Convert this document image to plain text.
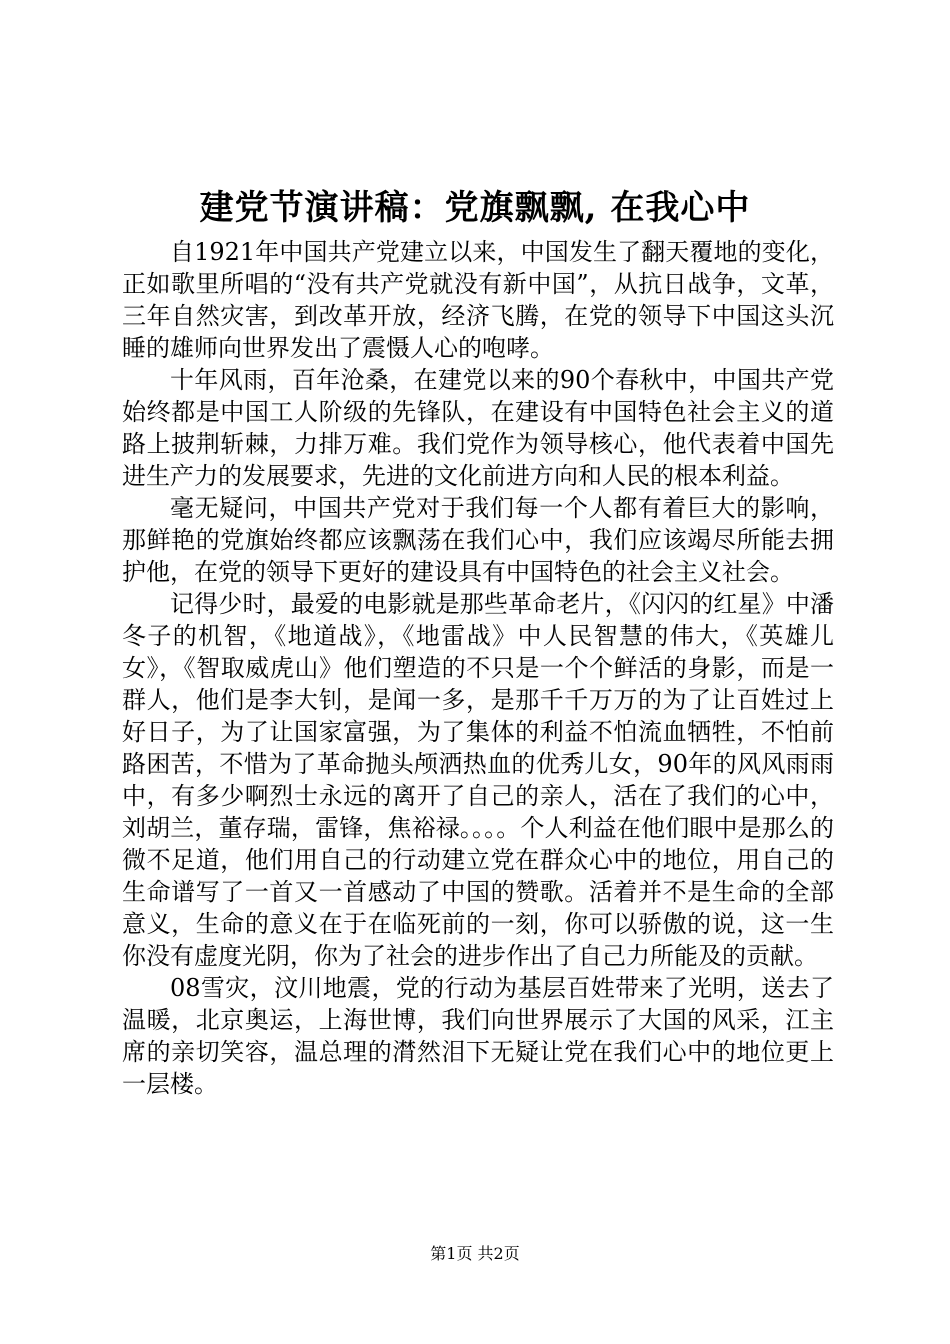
建党节演讲稿：党旗飘飘, 在我心中

自1921年中国共产党建立以来，中国发生了翻天覆地的变化，正如歌里所唱的“没有共产党就没有新中国”，从抗日战争，文革，三年自然灾害，到改革开放，经济飞腾，在党的领导下中国这头沉睡的雄师向世界发出了震慑人心的咆哮。

十年风雨，百年沧桑，在建党以来的90个春秋中，中国共产党始终都是中国工人阶级的先锋队，在建设有中国特色社会主义的道路上披荆斩棘，力排万难。我们党作为领导核心，他代表着中国先进生产力的发展要求，先进的文化前进方向和人民的根本利益。

毫无疑问，中国共产党对于我们每一个人都有着巨大的影响，那鲜艳的党旗始终都应该飘荡在我们心中，我们应该竭尽所能去拥护他，在党的领导下更好的建设具有中国特色的社会主义社会。

记得少时，最爱的电影就是那些革命老片，《闪闪的红星》中潘冬子的机智，《地道战》，《地雷战》中人民智慧的伟大，《英雄儿女》，《智取威虎山》他们塑造的不只是一个个鲜活的身影，而是一群人，他们是李大钊，是闻一多，是那千千万万的为了让百姓过上好日子，为了让国家富强，为了集体的利益不怕流血牺牲，不怕前路困苦，不惜为了革命抛头颅洒热血的优秀儿女，90年的风风雨雨中，有多少啊烈士永远的离开了自己的亲人，活在了我们的心中，刘胡兰，董存瑞，雷锋，焦裕禄。。。。个人利益在他们眼中是那么的微不足道，他们用自己的行动建立党在群众心中的地位，用自己的生命谱写了一首又一首感动了中国的赞歌。活着并不是生命的全部意义，生命的意义在于在临死前的一刻，你可以骄傲的说，这一生你没有虚度光阴，你为了社会的进步作出了自己力所能及的贡献。

08雪灾，汶川地震，党的行动为基层百姓带来了光明，送去了温暖，北京奥运，上海世博，我们向世界展示了大国的风采，江主席的亲切笑容，温总理的潸然泪下无疑让党在我们心中的地位更上一层楼。

第1页 共2页
